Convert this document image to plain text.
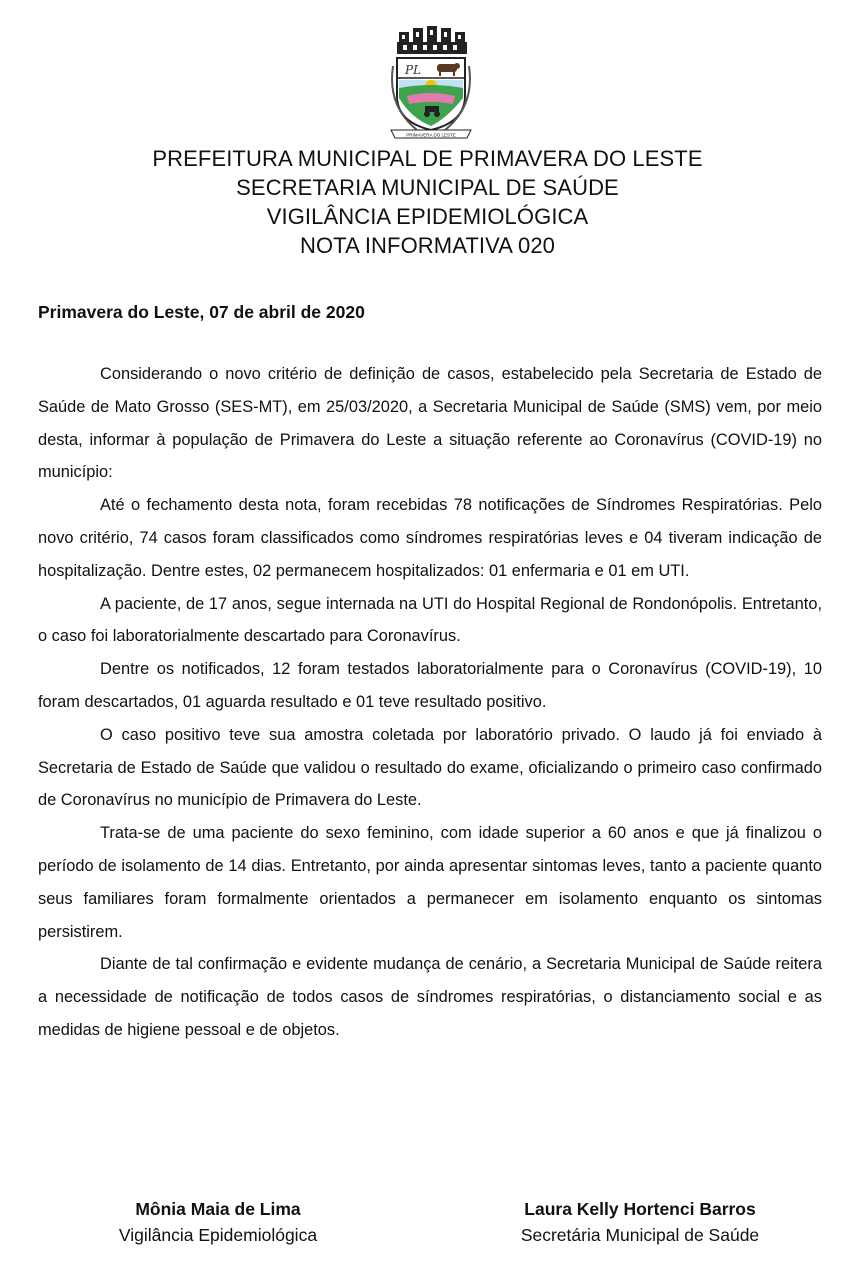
PL
PRIMAVERA DO LESTE
PREFEITURA MUNICIPAL DE PRIMAVERA DO LESTE
SECRETARIA MUNICIPAL DE SAÚDE
VIGILÂNCIA EPIDEMIOLÓGICA
NOTA INFORMATIVA 020
Primavera do Leste, 07 de abril de 2020

Considerando o novo critério de definição de casos, estabelecido pela Secretaria de Estado de Saúde de Mato Grosso (SES-MT), em 25/03/2020, a Secretaria Municipal de Saúde (SMS) vem, por meio desta, informar à população de Primavera do Leste a situação referente ao Coronavírus (COVID-19) no município:

Até o fechamento desta nota, foram recebidas 78 notificações de Síndromes Respiratórias. Pelo novo critério, 74 casos foram classificados como síndromes respiratórias leves e 04 tiveram indicação de hospitalização. Dentre estes, 02 permanecem hospitalizados: 01 enfermaria e 01 em UTI.

A paciente, de 17 anos, segue internada na UTI do Hospital Regional de Rondonópolis. Entretanto, o caso foi laboratorialmente descartado para Coronavírus.

Dentre os notificados, 12 foram testados laboratorialmente para o Coronavírus (COVID-19), 10 foram descartados, 01 aguarda resultado e 01 teve resultado positivo.

O caso positivo teve sua amostra coletada por laboratório privado. O laudo já foi enviado à Secretaria de Estado de Saúde que validou o resultado do exame, oficializando o primeiro caso confirmado de Coronavírus no município de Primavera do Leste.

Trata-se de uma paciente do sexo feminino, com idade superior a 60 anos e que já finalizou o período de isolamento de 14 dias. Entretanto, por ainda apresentar sintomas leves, tanto a paciente quanto seus familiares foram formalmente orientados a permanecer em isolamento enquanto os sintomas persistirem.

Diante de tal confirmação e evidente mudança de cenário, a Secretaria Municipal de Saúde reitera a necessidade de notificação de todos casos de síndromes respiratórias, o distanciamento social e as medidas de higiene pessoal e de objetos.

Mônia Maia de Lima
Vigilância Epidemiológica
Laura Kelly Hortenci Barros
Secretária Municipal de Saúde
